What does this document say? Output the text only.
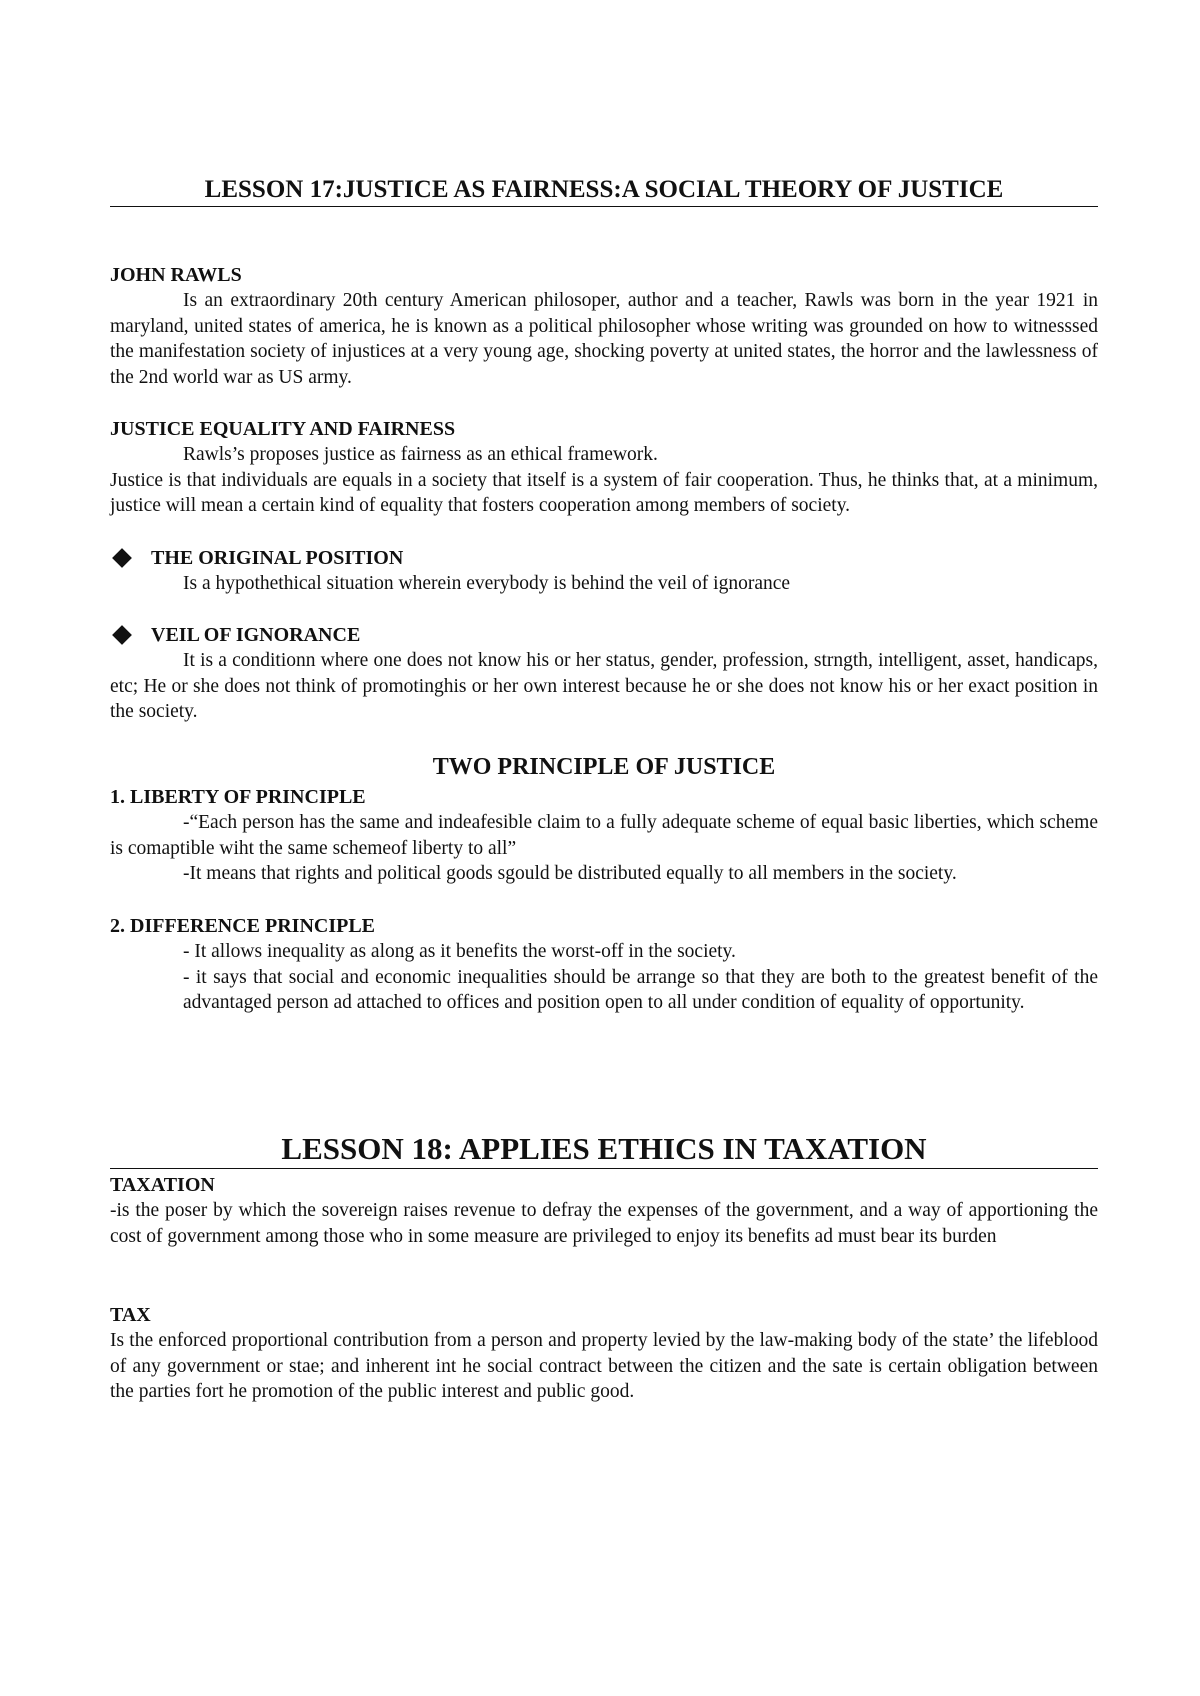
LESSON 17:JUSTICE AS FAIRNESS:A SOCIAL THEORY OF JUSTICE
JOHN RAWLS

Is an extraordinary 20th century American philosoper, author and a teacher, Rawls was born in the year 1921 in maryland, united states of america, he is known as a political philosopher whose writing was grounded on how to witnesssed the manifestation society of injustices at a very young age, shocking poverty at united states, the horror and the lawlessness of the 2nd world war as US army.

JUSTICE EQUALITY AND FAIRNESS

Rawls’s proposes justice as fairness as an ethical framework.

Justice is that individuals are equals in a society that itself is a system of fair cooperation. Thus, he thinks that, at a minimum, justice will mean a certain kind of equality that fosters cooperation among members of society.

THE ORIGINAL POSITION

Is a hypothethical situation wherein everybody is behind the veil of ignorance

VEIL OF IGNORANCE

It is a conditionn where one does not know his or her status, gender, profession, strngth, intelligent, asset, handicaps, etc; He or she does not think of promotinghis or her own interest because he or she does not know his or her exact position in the society.

TWO PRINCIPLE OF JUSTICE
1. LIBERTY OF PRINCIPLE

-“Each person has the same and indeafesible claim to a fully adequate scheme of equal basic liberties, which scheme is comaptible wiht the same schemeof liberty to all”

-It means that rights and political goods sgould be distributed equally to all members in the society.

2. DIFFERENCE PRINCIPLE

- It allows inequality as along as it benefits the worst-off in the society.

- it says that social and economic inequalities should be arrange so that they are both to the greatest benefit of the advantaged person ad attached to offices and position open to all under condition of equality of opportunity.

LESSON 18: APPLIES ETHICS IN TAXATION
TAXATION

-is the poser by which the sovereign raises revenue to defray the expenses of the government, and a way of apportioning the cost of government among those who in some measure are privileged to enjoy its benefits ad must bear its burden

TAX

Is the enforced proportional contribution from a person and property levied by the law-making body of the state’ the lifeblood of any government or stae; and inherent int he social contract between the citizen and the sate is certain obligation between the parties fort he promotion of the public interest and public good.
